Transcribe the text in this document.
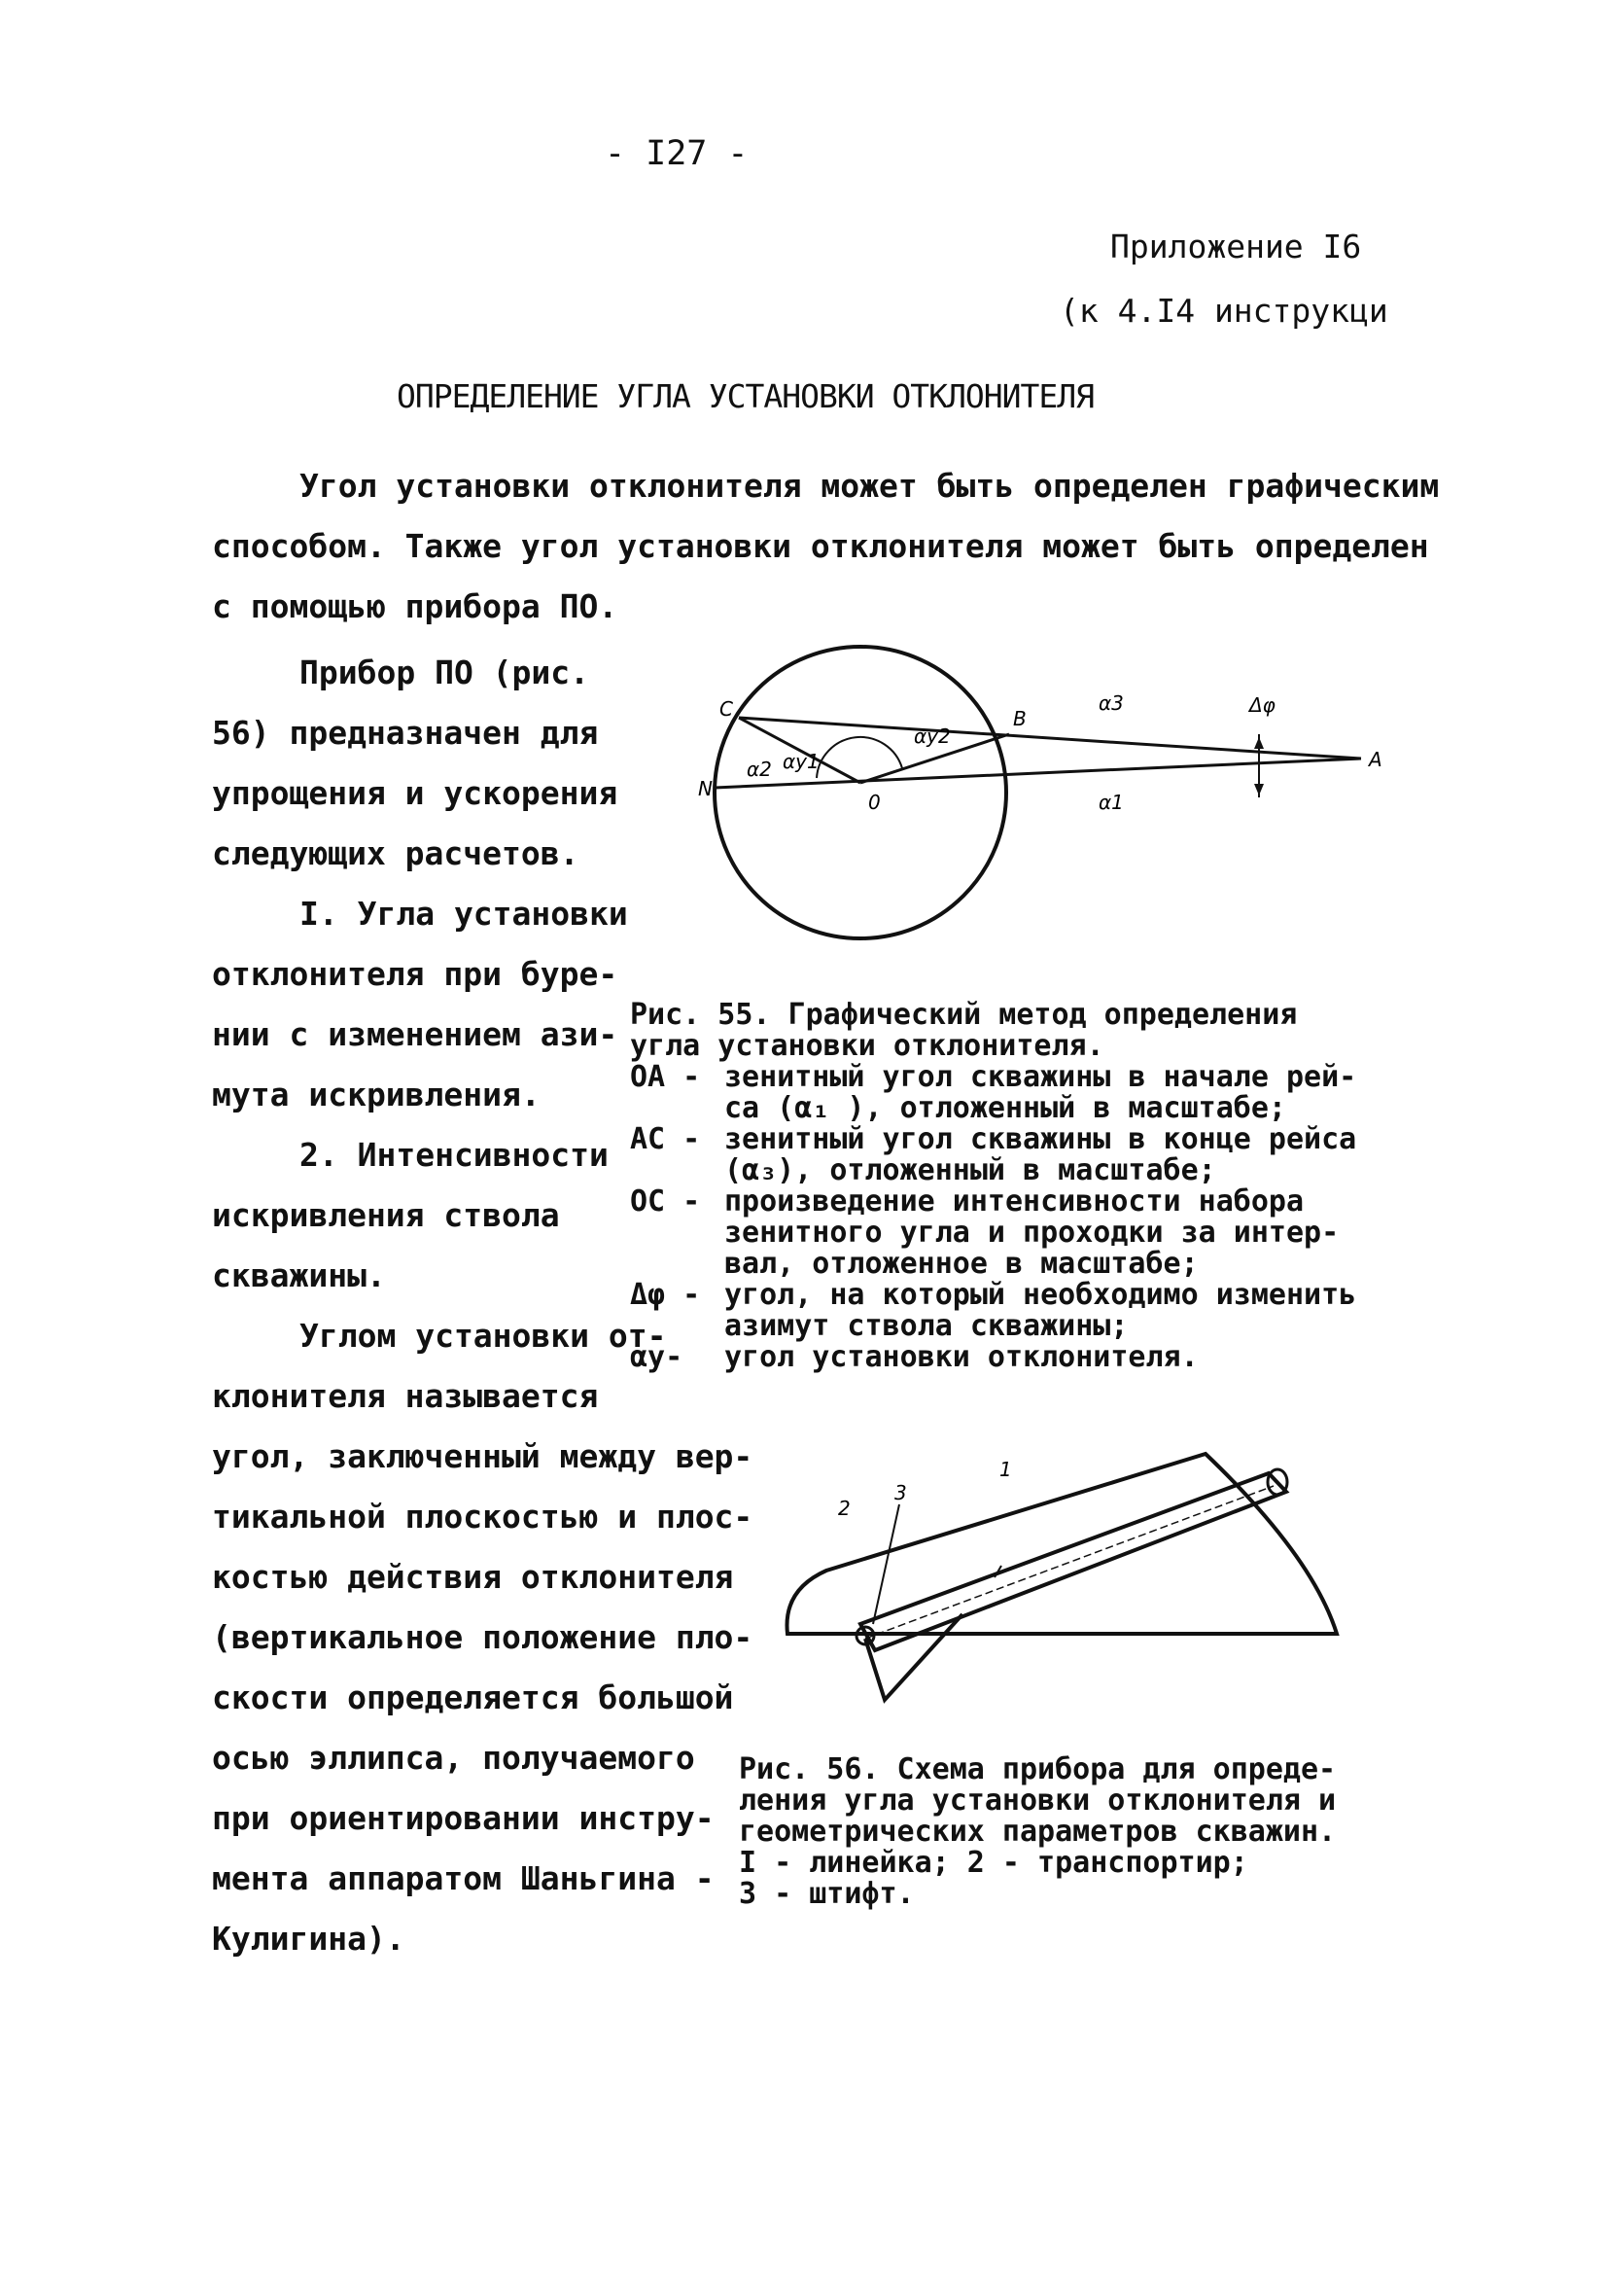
- I27 -
Приложение I6
(к 4.I4 инструкци
ОПРЕДЕЛЕНИЕ УГЛА УСТАНОВКИ ОТКЛОНИТЕЛЯ
Угол установки отклонителя может быть определен графическим
способом. Также угол установки отклонителя может быть определен
с помощью прибора ПО.
Прибор ПО (рис.
56) предназначен для
упрощения и ускорения
следующих расчетов.
I. Угла установки
отклонителя при буре-
нии с изменением ази-
мута искривления.
2. Интенсивности
искривления ствола
скважины.
Углом установки от-
клонителя называется
угол, заключенный между вер-
тикальной плоскостью и плос-
костью действия отклонителя
(вертикальное положение пло-
скости определяется большой
осью эллипса, получаемого
при ориентировании инстру-
мента аппаратом Шаньгина -
Кулигина).
C	B
N
0
A
α3
α1
α2 αy1
αy2
Δφ
Рис. 55. Графический метод определения
угла установки отклонителя.
ОА - зенитный угол скважины в начале рей-
са (α₁ ), отложенный в масштабе;
АС - зенитный угол скважины в конце рейса
(α₃), отложенный в масштабе;
ОС - произведение интенсивности набора
зенитного угла и проходки за интер-
вал, отложенное в масштабе;
Δφ - угол, на который необходимо изменить
азимут ствола скважины;
αy- угол установки отклонителя.
1
2
3
Рис. 56. Схема прибора для опреде-
ления угла установки отклонителя и
геометрических параметров скважин.
I - линейка; 2 - транспортир;
3 - штифт.
